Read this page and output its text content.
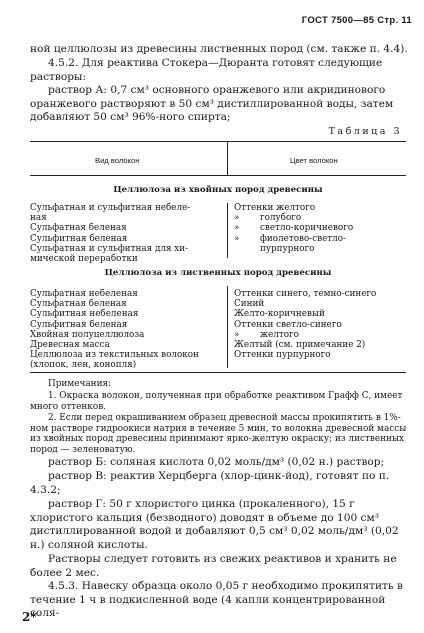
ГОСТ 7500—85 Стр. 11

ной целлюлозы из древесины лиственных пород (см. также п. 4.4).

4.5.2. Для реактива Стокера—Дюранта готовят следующие растворы:

раствор А: 0,7 см³ основного оранжевого или акридинового оранжевого растворяют в 50 см³ дистиллированной воды, затем добавляют 50 см³ 96%-ного спирта;

Таблица 3
Вид волокон	Цвет волокон
Целлюлоза из хвойных пород древесины
Сульфатная и сульфитная небеле-
ная
Сульфатная беленая
Сульфитная беленая
Сульфатная и сульфитная для хи-
мической переработки
Оттенки желтого
» голубого
» светло-коричневого
» фиолетово-светло-
пурпурного
Целлюлоза из лиственных пород древесины
Сульфатная небеленая
Сульфатная беленая
Сульфитная небеленая
Сульфитная беленая
Хвойная полуцеллюлоза
Древесная масса
Целлюлоза из текстильных волокон
(хлопок, лен, конопля)
Оттенки синего, темно-синего
Синий
Желто-коричневый
Оттенки светло-синего
» желтого
Желтый (см. примечание 2)
Оттенки пурпурного

Примечания:

1. Окраска волокон, полученная при обработке реактивом Графф С, имеет много оттенков.

2. Если перед окрашиванием образец древесной массы прокипятить в 1%-ном растворе гидроокиси натрия в течение 5 мин, то волокна древесной массы из хвойных пород древесины принимают ярко-желтую окраску; из лиственных пород — зеленоватую.

раствор Б: соляная кислота 0,02 моль/дм³ (0,02 н.) раствор;

раствор В: реактив Херцберга (хлор-цинк-йод), готовят по п. 4.3.2;

раствор Г: 50 г хлористого цинка (прокаленного), 15 г хлористого кальция (безводного) доводят в объеме до 100 см³ дистиллированной водой и добавляют 0,5 см³ 0,02 моль/дм³ (0,02 н.) соляной кислоты.

Растворы следует готовить из свежих реактивов и хранить не более 2 мес.

4.5.3. Навеску образца около 0,05 г необходимо прокипятить в течение 1 ч в подкисленной воде (4 капли концентрированной соля-

2*
